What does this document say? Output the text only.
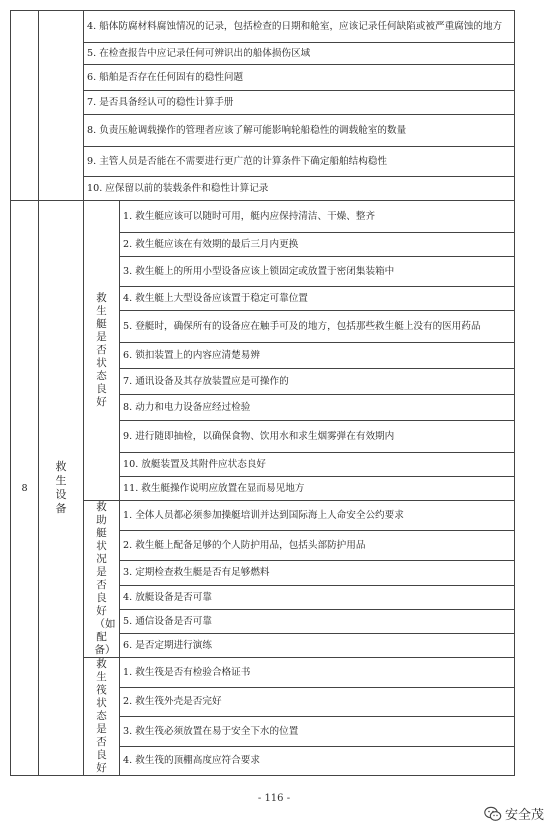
		4. 船体防腐材料腐蚀情况的记录，包括检查的日期和舱室，应该记录任何缺陷或被严重腐蚀的地方	
		5. 在检查报告中应记录任何可辨识出的船体损伤区域	
		6. 船舶是否存在任何固有的稳性问题	
		7. 是否具备经认可的稳性计算手册	
		8. 负责压舱调载操作的管理者应该了解可能影响轮船稳性的调载舱室的数量	
		9. 主管人员是否能在不需要进行更广范的计算条件下确定船舶结构稳性	
		10. 应保留以前的装载条件和稳性计算记录	
8	救生设备	救生艇是否状态良好	1. 救生艇应该可以随时可用，艇内应保持清洁、干燥、整齐
			2. 救生艇应该在有效期的最后三月内更换
			3. 救生艇上的所用小型设备应该上锁固定或放置于密闭集装箱中
			4. 救生艇上大型设备应该置于稳定可靠位置
			5. 登艇时，确保所有的设备应在触手可及的地方，包括那些救生艇上没有的医用药品
			6. 锁扣装置上的内容应清楚易辨
			7. 通讯设备及其存放装置应是可操作的
			8. 动力和电力设备应经过检验
			9. 进行随即抽检，以确保食物、饮用水和求生烟雾弹在有效期内
			10. 放艇装置及其附件应状态良好
			11. 救生艇操作说明应放置在显而易见地方

		救助艇状况是否良好（如配备）	1. 全体人员都必须参加操艇培训并达到国际海上人命安全公约要求
			2. 救生艇上配备足够的个人防护用品，包括头部防护用品
			3. 定期检查救生艇是否有足够燃料
			4. 放艇设备是否可靠
			5. 通信设备是否可靠
			6. 是否定期进行演练

		救生筏状态是否良好	1. 救生筏是否有检验合格证书
			2. 救生筏外壳是否完好
			3. 救生筏必须放置在易于安全下水的位置
			4. 救生筏的顶棚高度应符合要求
- 116 -
安全茂
